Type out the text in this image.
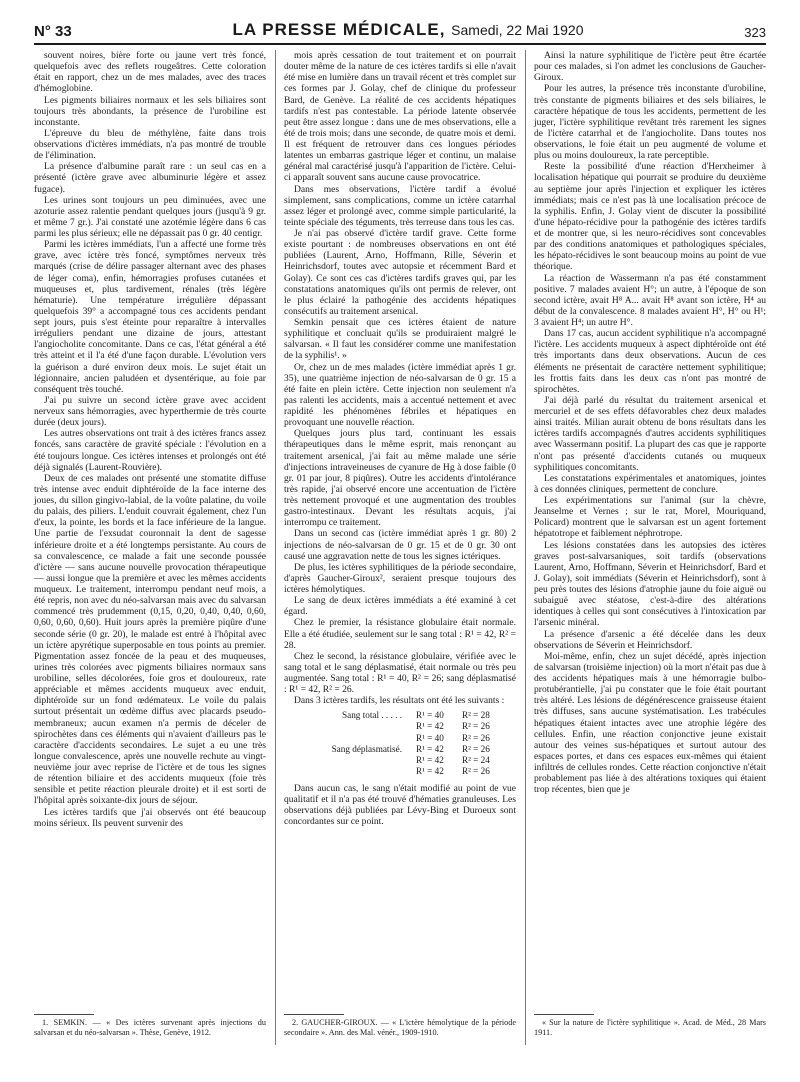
N° 33	LA PRESSE MÉDICALE, Samedi, 22 Mai 1920	323

souvent noires, bière forte ou jaune vert très foncé, quelquefois avec des reflets rougeâtres. Cette coloration était en rapport, chez un de mes malades, avec des traces d'hémoglobine.

Les pigments biliaires normaux et les sels biliaires sont toujours très abondants, la présence de l'urobiline est inconstante.

L'épreuve du bleu de méthylène, faite dans trois observations d'ictères immédiats, n'a pas montré de trouble de l'élimination.

La présence d'albumine paraît rare : un seul cas en a présenté (ictère grave avec albuminurie légère et assez fugace).

Les urines sont toujours un peu diminuées, avec une azoturie assez ralentie pendant quelques jours (jusqu'à 9 gr. et même 7 gr.). J'ai constaté une azotémie légère dans 6 cas parmi les plus sérieux; elle ne dépassait pas 0 gr. 40 centigr.

Parmi les ictères immédiats, l'un a affecté une forme très grave, avec ictère très foncé, symptômes nerveux très marqués (crise de délire passager alternant avec des phases de léger coma), enfin, hémorragies profuses cutanées et muqueuses et, plus tardivement, rénales (très légère hématurie). Une température irrégulière dépassant quelquefois 39° a accompagné tous ces accidents pendant sept jours, puis s'est éteinte pour reparaître à intervalles irréguliers pendant une dizaine de jours, attestant l'angiocholite concomitante. Dans ce cas, l'état général a été très atteint et il l'a été d'une façon durable. L'évolution vers la guérison a duré environ deux mois. Le sujet était un légionnaire, ancien paludéen et dysentérique, au foie par conséquent très touché.

J'ai pu suivre un second ictère grave avec accident nerveux sans hémorragies, avec hyperthermie de très courte durée (deux jours).

Les autres observations ont trait à des ictères francs assez foncés, sans caractère de gravité spéciale : l'évolution en a été toujours longue. Ces ictères intenses et prolongés ont été déjà signalés (Laurent-Rouvière).

Deux de ces malades ont présenté une stomatite diffuse très intense avec enduit diphtéroïde de la face interne des joues, du sillon gingivo-labial, de la voûte palatine, du voile du palais, des piliers. L'enduit couvrait également, chez l'un d'eux, la pointe, les bords et la face inférieure de la langue. Une partie de l'exsudat couronnait la dent de sagesse inférieure droite et a été longtemps persistante. Au cours de sa convalescence, ce malade a fait une seconde poussée d'ictère — sans aucune nouvelle provocation thérapeutique — aussi longue que la première et avec les mêmes accidents muqueux. Le traitement, interrompu pendant neuf mois, a été repris, non avec du néo-salvarsan mais avec du salvarsan commencé très prudemment (0,15, 0,20, 0,40, 0,40, 0,60, 0,60, 0,60, 0,60). Huit jours après la première piqûre d'une seconde série (0 gr. 20), le malade est entré à l'hôpital avec un ictère apyrétique superposable en tous points au premier. Pigmentation assez foncée de la peau et des muqueuses, urines très colorées avec pigments biliaires normaux sans urobiline, selles décolorées, foie gros et douloureux, rate appréciable et mêmes accidents muqueux avec enduit, diphtéroïde sur un fond œdémateux. Le voile du palais surtout présentait un œdème diffus avec placards pseudo-membraneux; aucun examen n'a permis de déceler de spirochètes dans ces éléments qui n'avaient d'ailleurs pas le caractère d'accidents secondaires. Le sujet a eu une très longue convalescence, après une nouvelle rechute au vingt-neuvième jour avec reprise de l'ictère et de tous les signes de rétention biliaire et des accidents muqueux (foie très sensible et petite réaction pleurale droite) et il est sorti de l'hôpital après soixante-dix jours de séjour.

Les ictères tardifs que j'ai observés ont été beaucoup moins sérieux. Ils peuvent survenir des

mois après cessation de tout traitement et on pourrait douter même de la nature de ces ictères tardifs si elle n'avait été mise en lumière dans un travail récent et très complet sur ces formes par J. Golay, chef de clinique du professeur Bard, de Genève. La réalité de ces accidents hépatiques tardifs n'est pas contestable. La période latente observée peut être assez longue : dans une de mes observations, elle a été de trois mois; dans une seconde, de quatre mois et demi. Il est fréquent de retrouver dans ces longues périodes latentes un embarras gastrique léger et continu, un malaise général mal caractérisé jusqu'à l'apparition de l'ictère. Celui-ci apparaît souvent sans aucune cause provocatrice.

Dans mes observations, l'ictère tardif a évolué simplement, sans complications, comme un ictère catarrhal assez léger et prolongé avec, comme simple particularité, la teinte spéciale des téguments, très terreuse dans tous les cas.

Je n'ai pas observé d'ictère tardif grave. Cette forme existe pourtant : de nombreuses observations en ont été publiées (Laurent, Arno, Hoffmann, Rille, Séverin et Heinrichsdorf, toutes avec autopsie et récemment Bard et Golay). Ce sont ces cas d'ictères tardifs graves qui, par les constatations anatomiques qu'ils ont permis de relever, ont le plus éclairé la pathogénie des accidents hépatiques consécutifs au traitement arsenical.

Semkin pensait que ces ictères étaient de nature syphilitique et concluait qu'ils se produiraient malgré le salvarsan. « Il faut les considérer comme une manifestation de la syphilis¹. »

Or, chez un de mes malades (ictère immédiat après 1 gr. 35), une quatrième injection de néo-salvarsan de 0 gr. 15 a été faite en plein ictère. Cette injection non seulement n'a pas ralenti les accidents, mais a accentué nettement et avec rapidité les phénomènes fébriles et hépatiques en provoquant une nouvelle réaction.

Quelques jours plus tard, continuant les essais thérapeutiques dans le même esprit, mais renonçant au traitement arsenical, j'ai fait au même malade une série d'injections intraveineuses de cyanure de Hg à dose faible (0 gr. 01 par jour, 8 piqûres). Outre les accidents d'intolérance très rapide, j'ai observé encore une accentuation de l'ictère très nettement provoqué et une augmentation des troubles gastro-intestinaux. Devant les résultats acquis, j'ai interrompu ce traitement.

Dans un second cas (ictère immédiat après 1 gr. 80) 2 injections de néo-salvarsan de 0 gr. 15 et de 0 gr. 30 ont causé une aggravation nette de tous les signes ictériques.

De plus, les ictères syphilitiques de la période secondaire, d'après Gaucher-Giroux², seraient presque toujours des ictères hémolytiques.

Le sang de deux ictères immédiats a été examiné à cet égard.

Chez le premier, la résistance globulaire était normale. Elle a été étudiée, seulement sur le sang total : R¹ = 42, R² = 28.

Chez le second, la résistance globulaire, vérifiée avec le sang total et le sang déplasmatisé, était normale ou très peu augmentée. Sang total : R¹ = 40, R² = 26; sang déplasmatisé : R¹ = 42, R² = 26.

Dans 3 ictères tardifs, les résultats ont été les suivants :

Sang total . . . . .	R¹ = 40	R² = 28
R¹ = 42	R² = 26
R¹ = 40	R² = 26
Sang déplasmatisé.	R¹ = 42	R² = 26
R¹ = 42	R² = 24
R¹ = 42	R² = 26

Dans aucun cas, le sang n'était modifié au point de vue qualitatif et il n'a pas été trouvé d'hématies granuleuses. Les observations déjà publiées par Lévy-Bing et Duroeux sont concordantes sur ce point.

Ainsi la nature syphilitique de l'ictère peut être écartée pour ces malades, si l'on admet les conclusions de Gaucher-Giroux.

Pour les autres, la présence très inconstante d'urobiline, très constante de pigments biliaires et des sels biliaires, le caractère hépatique de tous les accidents, permettent de les juger, l'ictère syphilitique revêtant très rarement les signes de l'ictère catarrhal et de l'angiocholite. Dans toutes nos observations, le foie était un peu augmenté de volume et plus ou moins douloureux, la rate perceptible.

Reste la possibilité d'une réaction d'Herxheimer à localisation hépatique qui pourrait se produire du deuxième au septième jour après l'injection et expliquer les ictères immédiats; mais ce n'est pas là une localisation précoce de la syphilis. Enfin, J. Golay vient de discuter la possibilité d'une hépato-récidive pour la pathogénie des ictères tardifs et de montrer que, si les neuro-récidives sont concevables par des conditions anatomiques et pathologiques spéciales, les hépato-récidives le sont beaucoup moins au point de vue théorique.

La réaction de Wassermann n'a pas été constamment positive. 7 malades avaient H°; un autre, à l'époque de son second ictère, avait H⁸ A... avait H⁸ avant son ictère, H⁴ au début de la convalescence. 8 malades avaient H°, H° ou H¹; 3 avaient H⁴; un autre H°.

Dans 17 cas, aucun accident syphilitique n'a accompagné l'ictère. Les accidents muqueux à aspect diphtéroïde ont été très importants dans deux observations. Aucun de ces éléments ne présentait de caractère nettement syphilitique; les frottis faits dans les deux cas n'ont pas montré de spirochètes.

J'ai déjà parlé du résultat du traitement arsenical et mercuriel et de ses effets défavorables chez deux malades ainsi traités. Milian aurait obtenu de bons résultats dans les ictères tardifs accompagnés d'autres accidents syphilitiques avec Wassermann positif. La plupart des cas que je rapporte n'ont pas présenté d'accidents cutanés ou muqueux syphilitiques concomitants.

Les constatations expérimentales et anatomiques, jointes à ces données cliniques, permettent de conclure.

Les expérimentations sur l'animal (sur la chèvre, Jeanselme et Vernes ; sur le rat, Morel, Mouriquand, Policard) montrent que le salvarsan est un agent fortement hépatotrope et faiblement néphrotrope.

Les lésions constatées dans les autopsies des ictères graves post-salvarsaniques, soit tardifs (observations Laurent, Arno, Hoffmann, Séverin et Heinrichsdorf, Bard et J. Golay), soit immédiats (Séverin et Heinrichsdorf), sont à peu près toutes des lésions d'atrophie jaune du foie aiguë ou subaiguë avec stéatose, c'est-à-dire des altérations identiques à celles qui sont consécutives à l'intoxication par l'arsenic minéral.

La présence d'arsenic a été décelée dans les deux observations de Séverin et Heinrichsdorf.

Moi-même, enfin, chez un sujet décédé, après injection de salvarsan (troisième injection) où la mort n'était pas due à des accidents hépatiques mais à une hémorragie bulbo-protubérantielle, j'ai pu constater que le foie était pourtant très altéré. Les lésions de dégénérescence graisseuse étaient très diffuses, sans aucune systématisation. Les trabécules hépatiques étaient intactes avec une atrophie légère des cellules. Enfin, une réaction conjonctive jeune existait autour des veines sus-hépatiques et surtout autour des espaces portes, et dans ces espaces eux-mêmes qui étaient infiltrés de cellules rondes. Cette réaction conjonctive n'était probablement pas liée à des altérations toxiques qui étaient trop récentes, bien que je

1. SEMKIN. — « Des ictères survenant après injections du salvarsan et du néo-salvarsan ». Thèse, Genève, 1912.

2. GAUCHER-GIROUX. — « L'ictère hémolytique de la période secondaire ». Ann. des Mal. vénér., 1909-1910.

« Sur la nature de l'ictère syphilitique ». Acad. de Méd., 28 Mars 1911.
